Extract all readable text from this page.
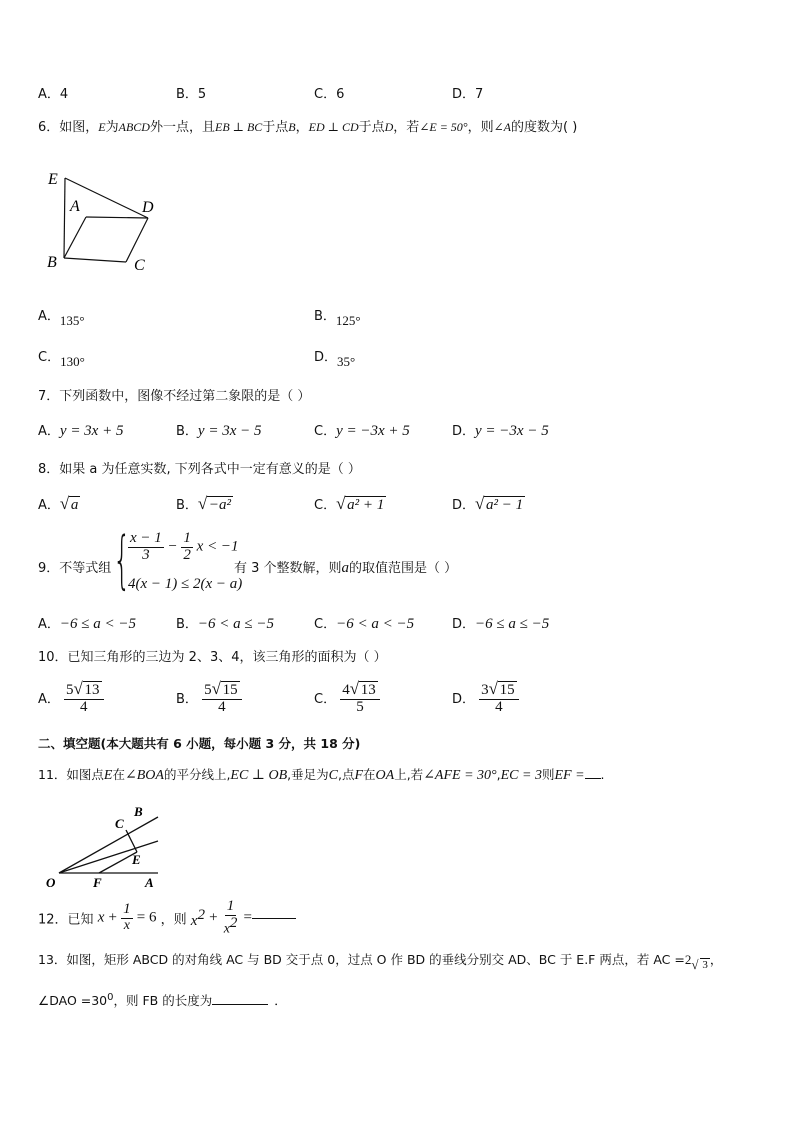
A．4	B．5	C．6	D．7
6．如图，E为ABCD外一点，且EB ⊥ BC于点B，ED ⊥ CD于点D，若∠E = 50°，则∠A的度数为( )
E
A	D
B	C
A．135°	B．125°
C．130°	D．35°
7．下列函数中，图像不经过第二象限的是（ ）
A．y = 3x + 5	B．y = 3x − 5	C．y = −3x + 5	D．y = −3x − 5
8．如果 a 为任意实数, 下列各式中一定有意义的是（ ）
A． √ a	B． √ −a²	C． √ a² + 1	D． √ a² − 1
9．不等式组 {
$\frac{x - 1}{3} - \frac{1}{2}$ x < −1
4(x − 1) ≤ 2(x − a)
有 3 个整数解，则a的取值范围是（ ）
A．−6 ≤ a < −5	B．−6 < a ≤ −5	C．−6 < a < −5	D．−6 ≤ a ≤ −5
10．已知三角形的三边为 2、3、4，该三角形的面积为（ ）
A． $\frac{5 √ 13}{4}$	B． $\frac{5 √ 15}{4}$	C． $\frac{4 √ 13}{5}$	D． $\frac{3 √ 15}{4}$
二、填空题(本大题共有 6 小题，每小题 3 分，共 18 分)
11．如图点E在∠BOA的平分线上,EC ⊥ OB,垂足为C,点F在OA上,若∠AFE = 30°,EC = 3则EF = .
B
C
E
O	F	A
12．已知 $x + \frac{1}{x} = 6$ ，则 $x^2 + \frac{1}{x^2}$ =
13．如图，矩形 ABCD 的对角线 AC 与 BD 交于点 0，过点 O 作 BD 的垂线分别交 AD、BC 于 E.F 两点，若 AC =2 √ 3 ，
∠DAO $=30^0$，则 FB 的长度为	．
